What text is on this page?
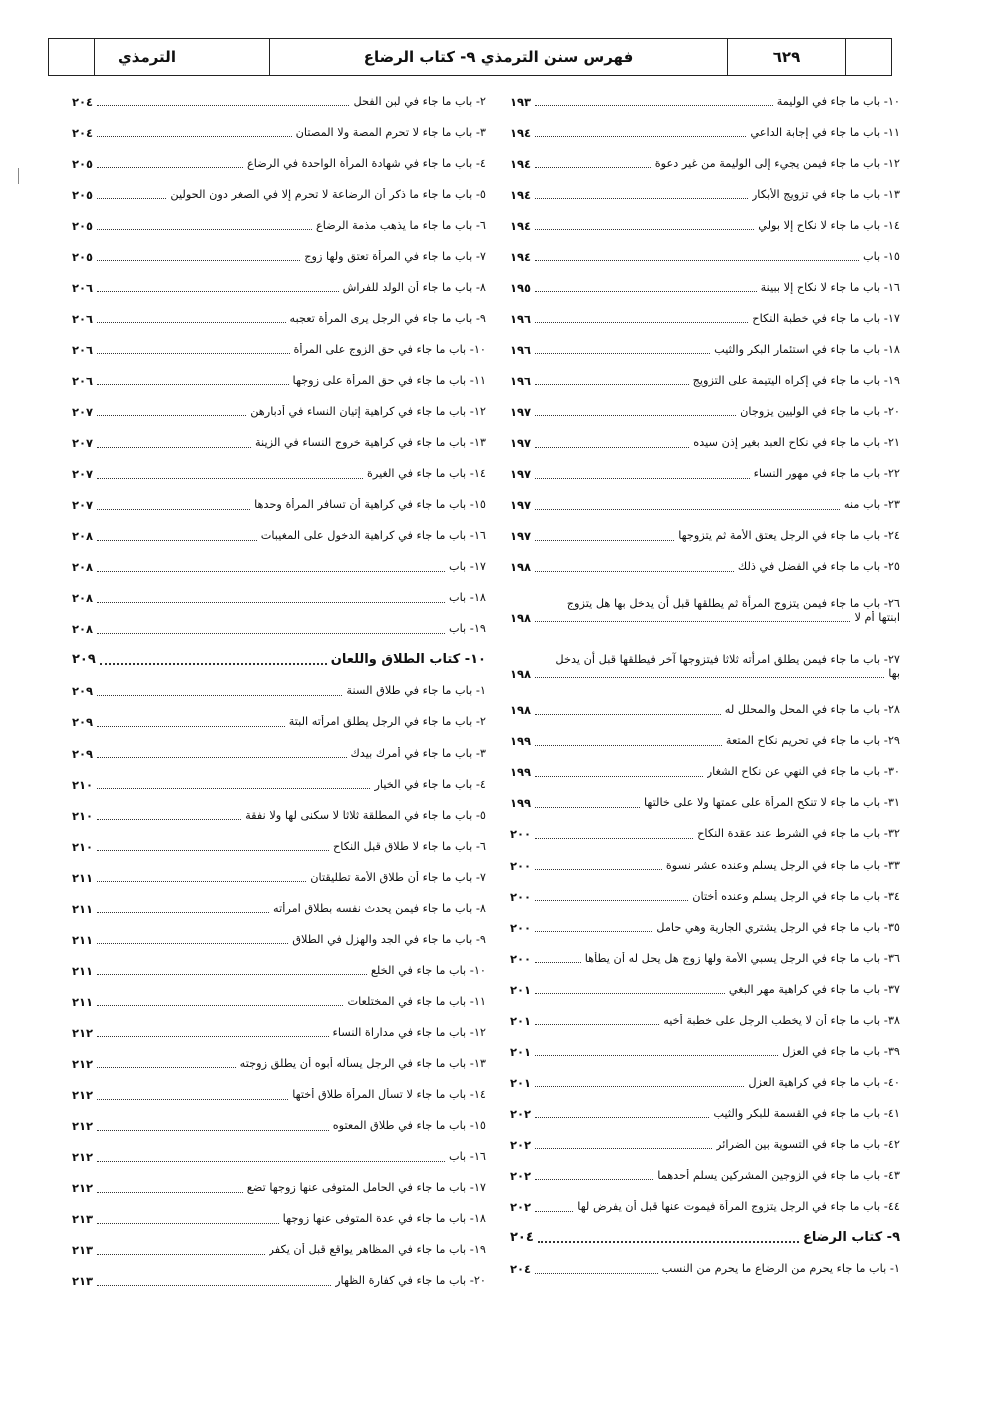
٦٢٩
فهرس سنن الترمذي ٩- كتاب الرضاع
الترمذي
١٠- باب ما جاء في الوليمة
١٩٣
١١- باب ما جاء في إجابة الداعي
١٩٤
١٢- باب ما جاء فيمن يجيء إلى الوليمة من غير دعوة
١٩٤
١٣- باب ما جاء في تزويج الأبكار
١٩٤
١٤- باب ما جاء لا نكاح إلا بولي
١٩٤
١٥- باب
١٩٤
١٦- باب ما جاء لا نكاح إلا ببينة
١٩٥
١٧- باب ما جاء في خطبة النكاح
١٩٦
١٨- باب ما جاء في استئمار البكر والثيب
١٩٦
١٩- باب ما جاء في إكراه اليتيمة على التزويج
١٩٦
٢٠- باب ما جاء في الوليين يزوجان
١٩٧
٢١- باب ما جاء في نكاح العبد بغير إذن سيده
١٩٧
٢٢- باب ما جاء في مهور النساء
١٩٧
٢٣- باب منه
١٩٧
٢٤- باب ما جاء في الرجل يعتق الأمة ثم يتزوجها
١٩٧
٢٥- باب ما جاء في الفضل في ذلك
١٩٨
٢٦- باب ما جاء فيمن يتزوج المرأة ثم يطلقها قبل أن يدخل بها هل يتزوج
ابنتها أم لا
١٩٨
٢٧- باب ما جاء فيمن يطلق امرأته ثلاثا فيتزوجها آخر فيطلقها قبل أن يدخل
بها
١٩٨
٢٨- باب ما جاء في المحل والمحلل له
١٩٨
٢٩- باب ما جاء في تحريم نكاح المتعة
١٩٩
٣٠- باب ما جاء في النهي عن نكاح الشغار
١٩٩
٣١- باب ما جاء لا تنكح المرأة على عمتها ولا على خالتها
١٩٩
٣٢- باب ما جاء في الشرط عند عقدة النكاح
٢٠٠
٣٣- باب ما جاء في الرجل يسلم وعنده عشر نسوة
٢٠٠
٣٤- باب ما جاء في الرجل يسلم وعنده أختان
٢٠٠
٣٥- باب ما جاء في الرجل يشتري الجارية وهي حامل
٢٠٠
٣٦- باب ما جاء في الرجل يسبي الأمة ولها زوج هل يحل له أن يطأها
٢٠٠
٣٧- باب ما جاء في كراهية مهر البغي
٢٠١
٣٨- باب ما جاء أن لا يخطب الرجل على خطبة أخيه
٢٠١
٣٩- باب ما جاء في العزل
٢٠١
٤٠- باب ما جاء في كراهية العزل
٢٠١
٤١- باب ما جاء في القسمة للبكر والثيب
٢٠٢
٤٢- باب ما جاء في التسوية بين الضرائر
٢٠٢
٤٣- باب ما جاء في الزوجين المشركين يسلم أحدهما
٢٠٢
٤٤- باب ما جاء في الرجل يتزوج المرأة فيموت عنها قبل أن يفرض لها
٢٠٢
٩- كتاب الرضاع
٢٠٤
١- باب ما جاء يحرم من الرضاع ما يحرم من النسب
٢٠٤
٢- باب ما جاء في لبن الفحل
٢٠٤
٣- باب ما جاء لا تحرم المصة ولا المصتان
٢٠٤
٤- باب ما جاء في شهادة المرأة الواحدة في الرضاع
٢٠٥
٥- باب ما جاء ما ذكر أن الرضاعة لا تحرم إلا في الصغر دون الحولين
٢٠٥
٦- باب ما جاء ما يذهب مذمة الرضاع
٢٠٥
٧- باب ما جاء في المرأة تعتق ولها زوج
٢٠٥
٨- باب ما جاء أن الولد للفراش
٢٠٦
٩- باب ما جاء في الرجل يرى المرأة تعجبه
٢٠٦
١٠- باب ما جاء في حق الزوج على المرأة
٢٠٦
١١- باب ما جاء في حق المرأة على زوجها
٢٠٦
١٢- باب ما جاء في كراهية إتيان النساء في أدبارهن
٢٠٧
١٣- باب ما جاء في كراهية خروج النساء في الزينة
٢٠٧
١٤- باب ما جاء في الغيرة
٢٠٧
١٥- باب ما جاء في كراهية أن تسافر المرأة وحدها
٢٠٧
١٦- باب ما جاء في كراهية الدخول على المغيبات
٢٠٨
١٧- باب
٢٠٨
١٨- باب
٢٠٨
١٩- باب
٢٠٨
١٠- كتاب الطلاق واللعان
٢٠٩
١- باب ما جاء في طلاق السنة
٢٠٩
٢- باب ما جاء في الرجل يطلق امرأته البتة
٢٠٩
٣- باب ما جاء في أمرك بيدك
٢٠٩
٤- باب ما جاء في الخيار
٢١٠
٥- باب ما جاء في المطلقة ثلاثا لا سكنى لها ولا نفقة
٢١٠
٦- باب ما جاء لا طلاق قبل النكاح
٢١٠
٧- باب ما جاء أن طلاق الأمة تطليقتان
٢١١
٨- باب ما جاء فيمن يحدث نفسه بطلاق امرأته
٢١١
٩- باب ما جاء في الجد والهزل في الطلاق
٢١١
١٠- باب ما جاء في الخلع
٢١١
١١- باب ما جاء في المختلعات
٢١١
١٢- باب ما جاء في مداراة النساء
٢١٢
١٣- باب ما جاء في الرجل يسأله أبوه أن يطلق زوجته
٢١٢
١٤- باب ما جاء لا تسأل المرأة طلاق أختها
٢١٢
١٥- باب ما جاء في طلاق المعتوه
٢١٢
١٦- باب
٢١٢
١٧- باب ما جاء في الحامل المتوفى عنها زوجها تضع
٢١٢
١٨- باب ما جاء في عدة المتوفى عنها زوجها
٢١٣
١٩- باب ما جاء في المظاهر يواقع قبل أن يكفر
٢١٣
٢٠- باب ما جاء في كفارة الظهار
٢١٣
